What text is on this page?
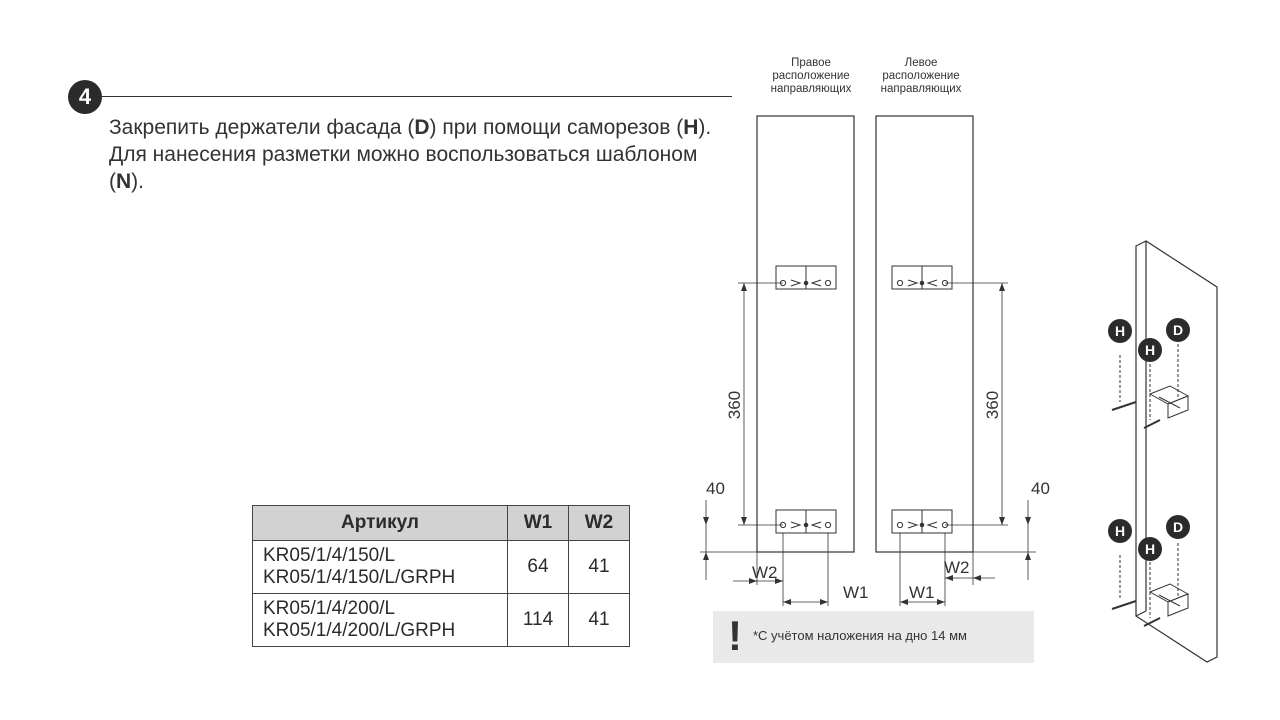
4
Закрепить держатели фасада (D) при помощи саморезов (H). Для нанесения разметки можно воспользоваться шаблоном (N).
Правое
расположение
направляющих
Левое
расположение
направляющих
360	360
40	40
W2
W1
W2
W1
H
H
D
H
H
D
Артикул	W1	W2

KR05/1/4/150/L
KR05/1/4/150/L/GRPH	64	41

KR05/1/4/200/L
KR05/1/4/200/L/GRPH	114	41	! *С учётом наложения на дно 14 мм
